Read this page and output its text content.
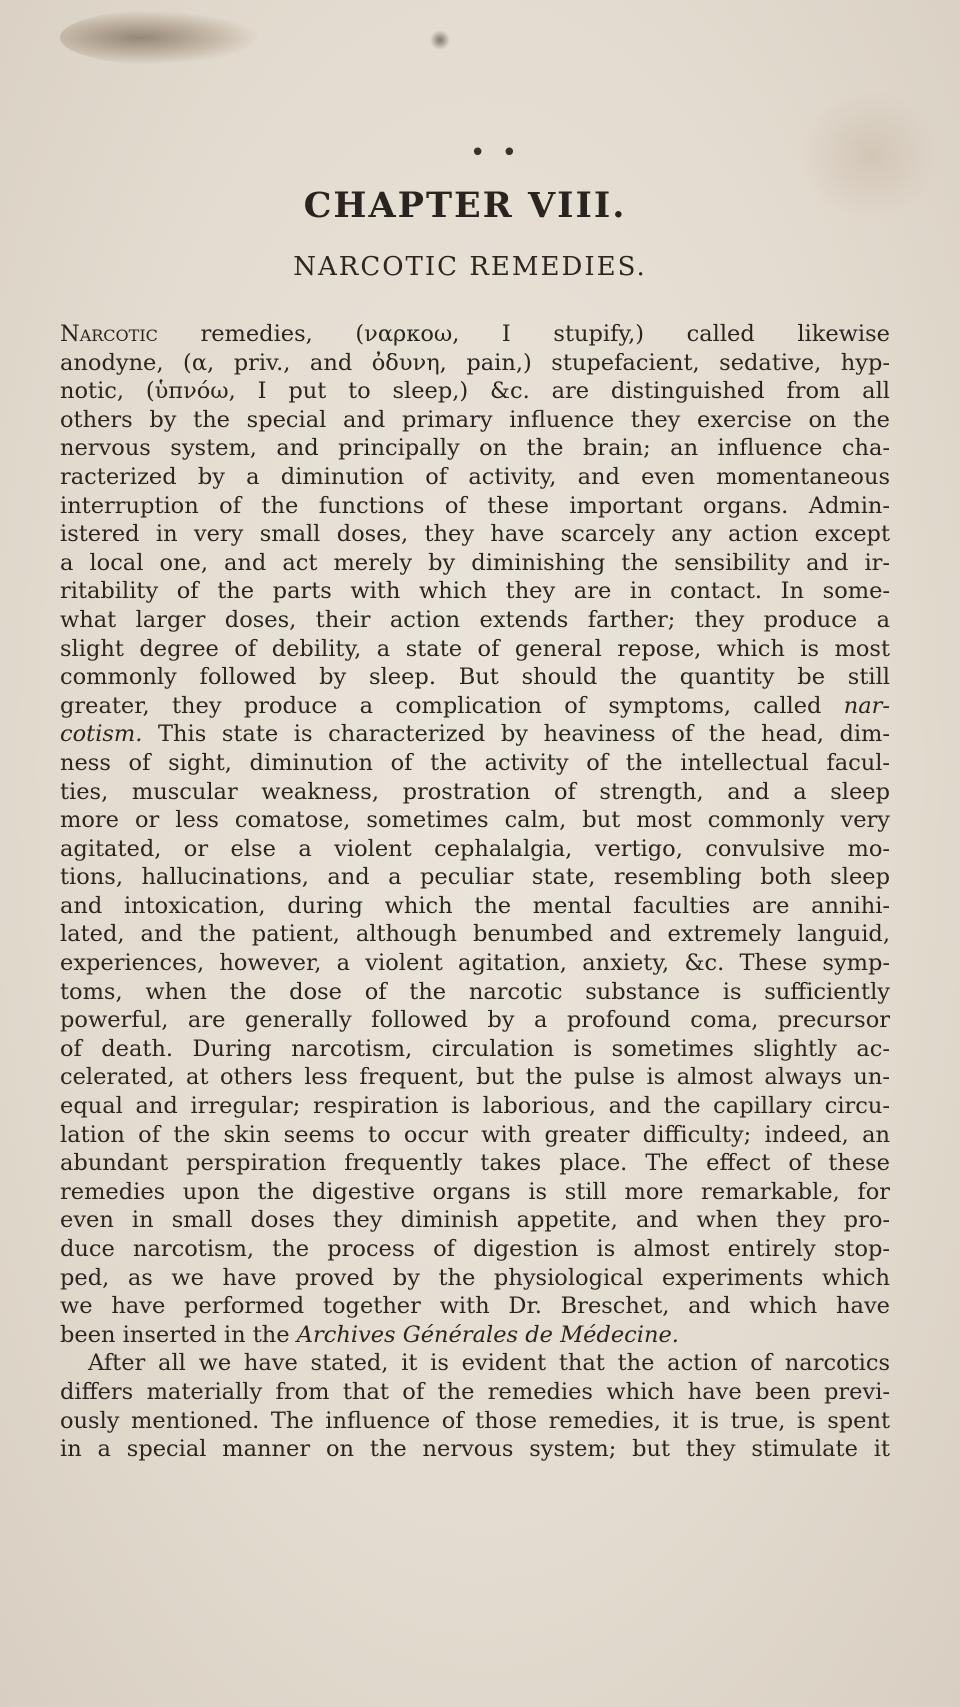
• •
CHAPTER VIII.
NARCOTIC REMEDIES.
Narcotic remedies, (ναρκοω, I stupify,) called likewise
anodyne, (α, priv., and ὀδυνη, pain,) stupefacient, sedative, hyp-
notic, (ὑπνόω, I put to sleep,) &c. are distinguished from all
others by the special and primary influence they exercise on the
nervous system, and principally on the brain; an influence cha-
racterized by a diminution of activity, and even momentaneous
interruption of the functions of these important organs. Admin-
istered in very small doses, they have scarcely any action except
a local one, and act merely by diminishing the sensibility and ir-
ritability of the parts with which they are in contact. In some-
what larger doses, their action extends farther; they produce a
slight degree of debility, a state of general repose, which is most
commonly followed by sleep. But should the quantity be still
greater, they produce a complication of symptoms, called nar-
cotism. This state is characterized by heaviness of the head, dim-
ness of sight, diminution of the activity of the intellectual facul-
ties, muscular weakness, prostration of strength, and a sleep
more or less comatose, sometimes calm, but most commonly very
agitated, or else a violent cephalalgia, vertigo, convulsive mo-
tions, hallucinations, and a peculiar state, resembling both sleep
and intoxication, during which the mental faculties are annihi-
lated, and the patient, although benumbed and extremely languid,
experiences, however, a violent agitation, anxiety, &c. These symp-
toms, when the dose of the narcotic substance is sufficiently
powerful, are generally followed by a profound coma, precursor
of death. During narcotism, circulation is sometimes slightly ac-
celerated, at others less frequent, but the pulse is almost always un-
equal and irregular; respiration is laborious, and the capillary circu-
lation of the skin seems to occur with greater difficulty; indeed, an
abundant perspiration frequently takes place. The effect of these
remedies upon the digestive organs is still more remarkable, for
even in small doses they diminish appetite, and when they pro-
duce narcotism, the process of digestion is almost entirely stop-
ped, as we have proved by the physiological experiments which
we have performed together with Dr. Breschet, and which have
been inserted in the Archives Générales de Médecine.
After all we have stated, it is evident that the action of narcotics
differs materially from that of the remedies which have been previ-
ously mentioned. The influence of those remedies, it is true, is spent
in a special manner on the nervous system; but they stimulate it
